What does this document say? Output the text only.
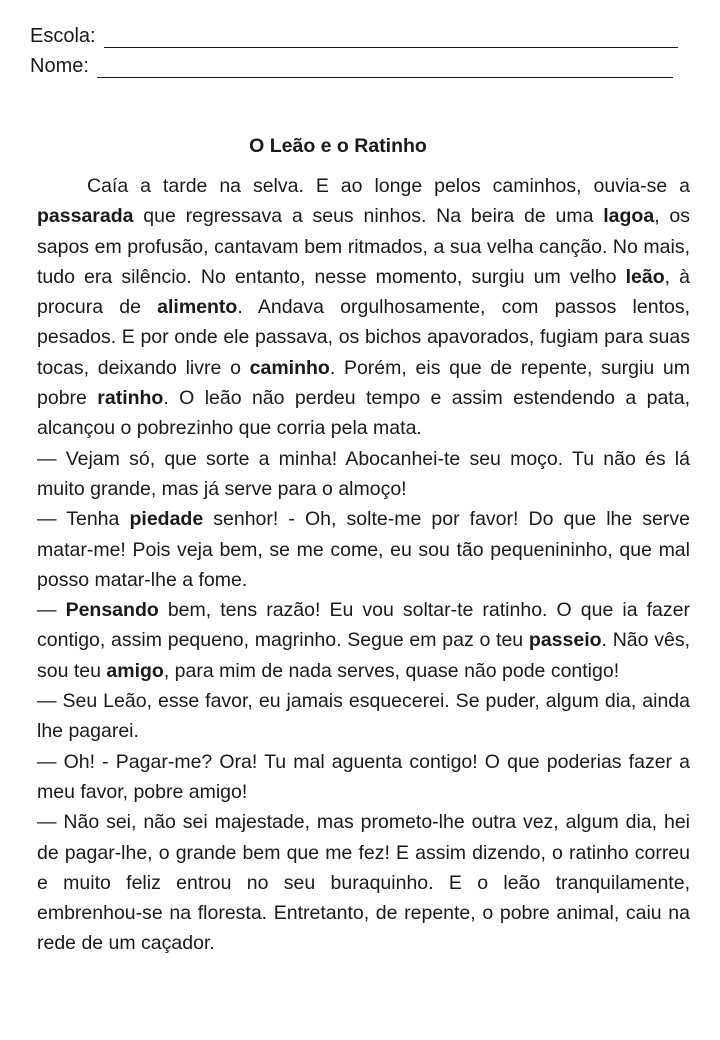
Escola:
Nome:
O Leão e o Ratinho

Caía a tarde na selva. E ao longe pelos caminhos, ouvia-se a passarada que regressava a seus ninhos. Na beira de uma lagoa, os sapos em profusão, cantavam bem ritmados, a sua velha canção. No mais, tudo era silêncio. No entanto, nesse momento, surgiu um velho leão, à procura de alimento. Andava orgulhosamente, com passos lentos, pesados. E por onde ele passava, os bichos apavorados, fugiam para suas tocas, deixando livre o caminho. Porém, eis que de repente, surgiu um pobre ratinho. O leão não perdeu tempo e assim estendendo a pata, alcançou o pobrezinho que corria pela mata.

— Vejam só, que sorte a minha! Abocanhei-te seu moço. Tu não és lá muito grande, mas já serve para o almoço!

— Tenha piedade senhor! - Oh, solte-me por favor! Do que lhe serve matar-me! Pois veja bem, se me come, eu sou tão pequenininho, que mal posso matar-lhe a fome.

— Pensando bem, tens razão! Eu vou soltar-te ratinho. O que ia fazer contigo, assim pequeno, magrinho. Segue em paz o teu passeio. Não vês, sou teu amigo, para mim de nada serves, quase não pode contigo!

— Seu Leão, esse favor, eu jamais esquecerei. Se puder, algum dia, ainda lhe pagarei.

— Oh! - Pagar-me? Ora! Tu mal aguenta contigo! O que poderias fazer a meu favor, pobre amigo!

— Não sei, não sei majestade, mas prometo-lhe outra vez, algum dia, hei de pagar-lhe, o grande bem que me fez! E assim dizendo, o ratinho correu e muito feliz entrou no seu buraquinho. E o leão tranquilamente, embrenhou-se na floresta. Entretanto, de repente, o pobre animal, caiu na rede de um caçador.
